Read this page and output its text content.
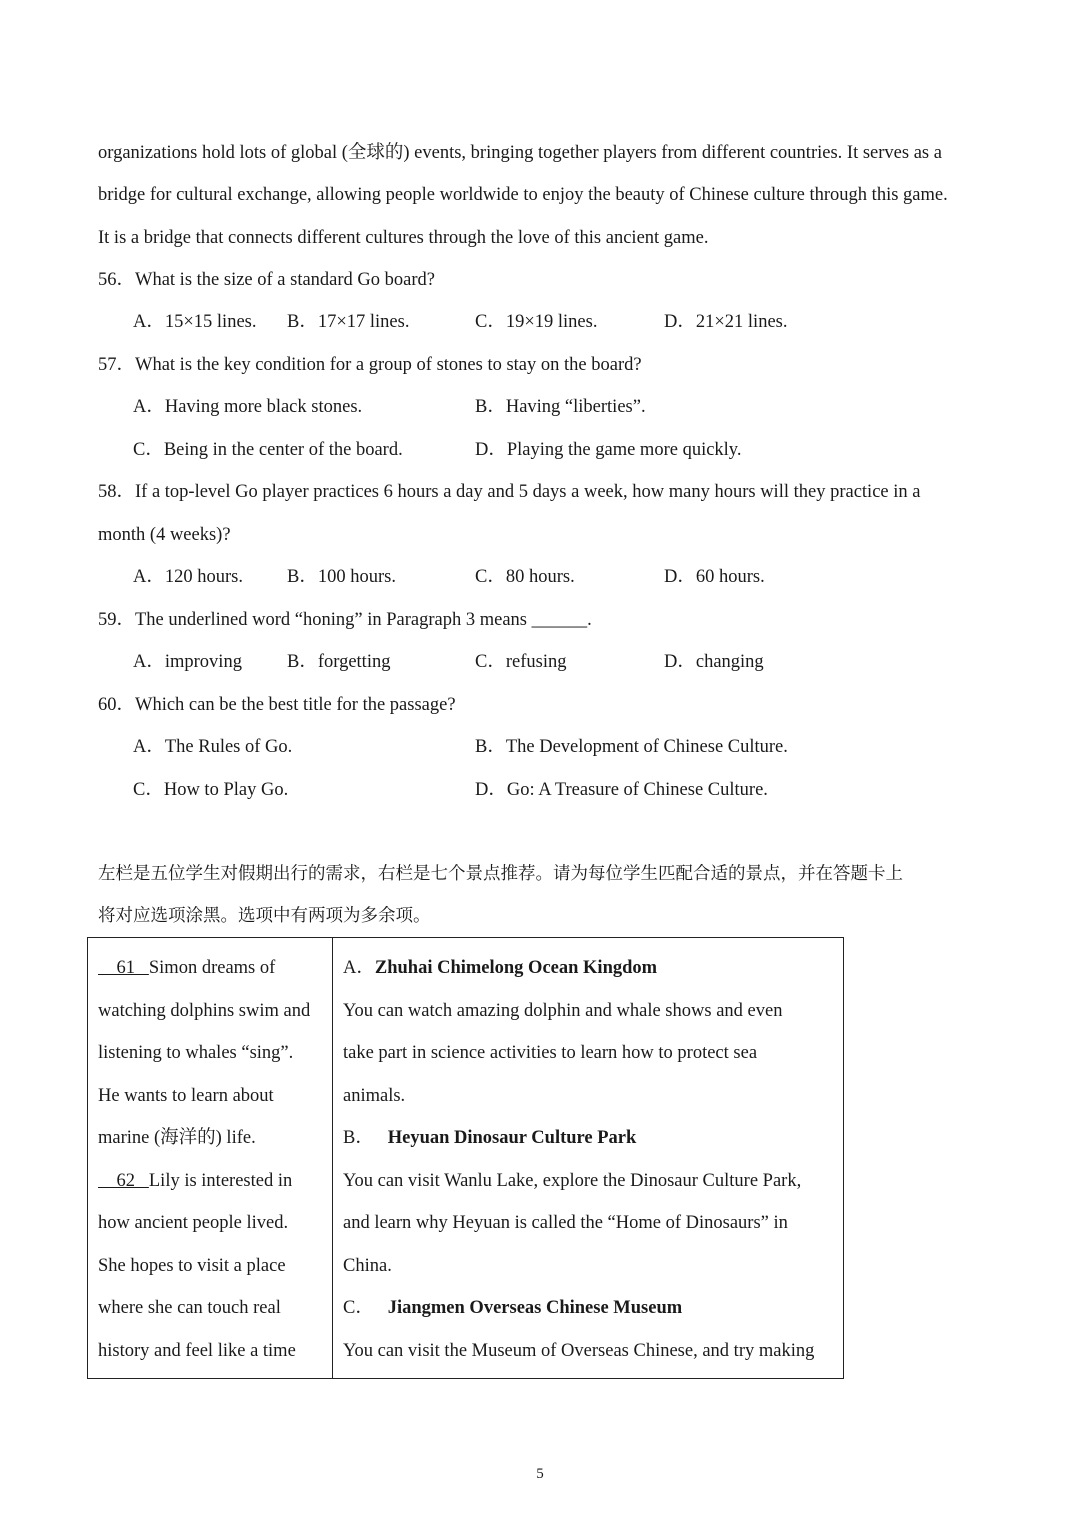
organizations hold lots of global (全球的) events, bringing together players from different countries. It serves as a
bridge for cultural exchange, allowing people worldwide to enjoy the beauty of Chinese culture through this game.
It is a bridge that connects different cultures through the love of this ancient game.
56．What is the size of a standard Go board?
A．15×15 lines. B．17×17 lines.	C．19×19 lines.	D．21×21 lines.
57．What is the key condition for a group of stones to stay on the board?
A．Having more black stones.	B．Having “liberties”.
C．Being in the center of the board.	D．Playing the game more quickly.
58．If a top-level Go player practices 6 hours a day and 5 days a week, how many hours will they practice in a
month (4 weeks)?
A．120 hours. B．100 hours.	C．80 hours.	D．60 hours.
59．The underlined word “honing” in Paragraph 3 means ______.
A．improving B．forgetting	C．refusing	D．changing
60．Which can be the best title for the passage?
A．The Rules of Go.	B．The Development of Chinese Culture.
C．How to Play Go.	D．Go: A Treasure of Chinese Culture.
左栏是五位学生对假期出行的需求，右栏是七个景点推荐。请为每位学生匹配合适的景点，并在答题卡上
将对应选项涂黑。选项中有两项为多余项。
61 Simon dreams of
watching dolphins swim and
listening to whales “sing”.
He wants to learn about
marine (海洋的) life.
62 Lily is interested in
how ancient people lived.
She hopes to visit a place
where she can touch real
history and feel like a time

A．Zhuhai Chimelong Ocean Kingdom
You can watch amazing dolphin and whale shows and even
take part in science activities to learn how to protect sea
animals.
B． Heyuan Dinosaur Culture Park
You can visit Wanlu Lake, explore the Dinosaur Culture Park,
and learn why Heyuan is called the “Home of Dinosaurs” in
China.
C． Jiangmen Overseas Chinese Museum
You can visit the Museum of Overseas Chinese, and try making
5
